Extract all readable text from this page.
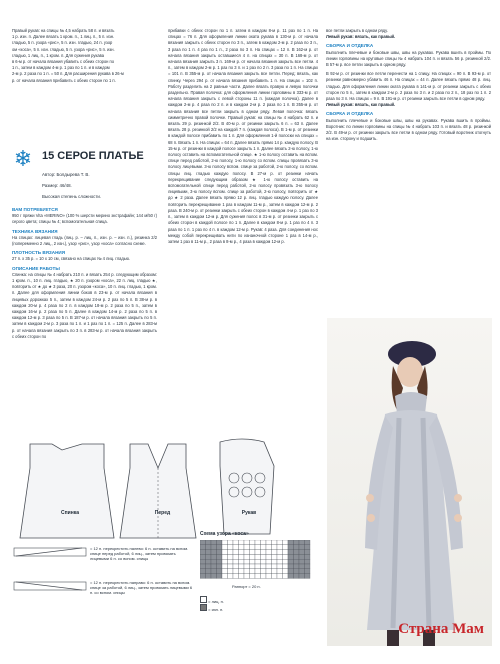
Правый рукав: на спицы № 4,5 набрать 58 п. и вязать

1 р. изн. п. Далее вязать 1 кром. п., 1 лиц. п., 5 п. изн.

гладью, 5 п. узора «рис», 5 п. изн. гладью, 24 п. узор

ом «коса», 5 п. изн. гладью, 5 п. узора «рис», 5 п. изн.

гладью, 1 лиц. п., 1 кром. п. Для сужения рукава

в 6-м р. от начала вязания убавить с обеих сторон по

1 п., затем в каждом 4-м р. 1 раз по 1 п. и в каждом

2-м р. 2 раза по 1 п. = 50 п. Для расширения рукава в 26-м

р. от начала вязания прибавить с обеих сторон по 1 п.

❄ 15 СЕРОЕ ПЛАТЬЕ

Автор: Болдырева Т. В.

Размер: 46/48.

Высокая степень сложности.

ВАМ ПОТРЕБУЕТСЯ

950 г пряжи Vita «MERINO» (100 % шерсти мерино экстрафайн; 144 м/50 г) серого цвета; спицы № 4; вспомогательная спица.

ТЕХНИКА ВЯЗАНИЯ

На спицах: лицевая гладь (лиц. р. – лиц. п., изн. р. – изн. п.), резинка 2/2 (попеременно 2 лиц., 2 изн.), узор «рис», узор «коса» согласно схеме.

ПЛОТНОСТЬ ВЯЗАНИЯ

27 п. x 35 р. = 10 x 10 см, связано на спицах № 4 лиц. гладью.

ОПИСАНИЕ РАБОТЫ

Спинка: на спицы № 4 набрать 210 п. и вязать 254 р. следующим образом: 1 кром. п., 10 п. лиц. гладью, ★ 20 п. узором «коса», 22 п. лиц. гладью ★, повторить от ★ до ★ 3 раза, 20 п. узором «коса», 10 п. лиц. гладью, 1 кром. п. Далее для оформления линии боков в 23-м р. от начала вязания в лицевых дорожках 5 п., затем в каждом 24-м р. 2 раз по 5 п. В 38-м р. в каждом 20-м р. 4 раза по 2 п. в каждом 18-м р. 2 раза по 5 п., затем в каждом 16-м р. 2 раза по 5 п. Далее в каждом 14-м р. 2 раза по 5 п. в каждом 12-м р. 3 раза по 5 п. В 187-м р. от начала вязания закрыть по 5 п. затем в каждом 2-м р. 3 раза по 1 п. и 1 раз по 1 п. = 125 п. Далее в 283-м р. от начала вязания закрыть по 3 п. в 283-м р. от начала вязания закрыть с обеих сторон по

прибавки с обеих сторон по 1 п. затем в каждом 8-м р. 11 раз по 1 п. На спицах = 76 п. Для оформления линии оката рукава в 130-м р. от начала вязания закрыть с обеих сторон по 3 п., затем в каждом 2-м р. 2 раза по 3 п., 3 раза по 1 п. 4 раз по 1 п., 2 раза по 3 п. На спицах = 12 п. В 162-м р. от начала вязания закрыть оставшиеся 4 п. на спицах = 30 п. В 168-м р. от начала вязания закрыть 3 п. 169-м р. от начала вязания закрыть все петли. 4 п., затем в каждом 2-м р. 1 раз по 3 п. и 1 раз по 2 п. 3 раза по 1 п. На спицах = 101 п. В 355-м р. от начала вязания закрыть все петли. Перед: вязать, как спинку. Через 294 р. от начала вязания прибавить 1 п. На спицах = 102 п. Работу разделить на 2 равные части. Далее вязать правую и левую полочки раздельно. Правая полочка: для оформления линии горловины в 333-м р. от начала вязания закрыть с левой стороны 11 п. (каждая полочка). Далее в каждом 2-м р. 4 раза по 2 п. и в каждом 2-м р. 2 раза по 1 п. В 355-м р. от начала вязания все петли закрыть в одном ряду. Левая полочка: вязать симметрично правой полочке. Правый рукав: на спицы № 4 набрать 62 п. и вязать 29 р. резинкой 2/2. В 40-м р. от резинки закрыть 6 п. = 63 п. Далее вязать 28 р. резинкой 2/2 на каждой 7 п. (каждая полоса). В 1-м р. от резинки в каждой полосе прибавить по 1 п. Для оформления 1-й полоски на спицах = 68 п. Вязать 1 п. На спицах = 64 п. Далее вязать прямо 14 р. каждую полосу. В 15-м р. от резинки в каждой полосе закрыть 1 п. Далее вязать 2-ю полосу, 1-ю полосу оставить на вспомогательной спице. ★ 1-ю полосу оставить на вспом. спице перед работой, 2-ю полосу, 1-ю полосу со вспом. спицы провязать 3-ю полосу лицевыми. 3-ю полосу вспом. спице за работой, 2-ю полосу, со вспом. спицы лиц. гладью каждую полосу. В 27-м р. от резинки начать перекрещивание следующим образом ★ 1-ю полосу оставить на вспомогательной спице перед работой, 2-ю полосу провязать 3-ю полосу лицевыми, 3-ю полосу вспом. спице за работой, 2-ю полосу, повторить от ★ до ★ 2 раза. Далее вязать прямо 12 р. лиц. гладью каждую полосу. Далее повторить перекрещивание 1 раз в каждом 11-м р., затем в каждом 12-м р. 2 раза. В 240-м р. от резинки закрыть с обеих сторон в каждом 4-м р. 1 раз по 3 п., затем в каждом 12-м р. Для сужения полос в 31-м р. от резинки закрыть с обеих сторон в каждой полосе по 1 п. Далее в каждом 8-м р. 1 раз по 4 п. 3 раза по 1 п. 1 раз по 4 п. в каждом 12-м р. Рукав: 4 раза. Для соединения нос между собой перекрещивать нити по изнаночной стороне 1 раз в 14-м р., затем 1 раз в 11-м р., 2 раза в 8-м р., 4 раза в каждом 12-м р.

все петли закрыть в одном ряду.

Левый рукав: вязать, как правый.

СБОРКА И ОТДЕЛКА

Выполнить плечевые и боковые швы, швы на рукавах. Рукава вшить в проймы. По линии горловины на круговые спицы № 4 набрать 104 п. и вязать 56 р. резинкой 2/2. В 57-м р. все петли закрыть в одном ряду.

В 92-м р. от резинки все петли перенести на 1 спицу. На спицах = 90 п. В 93-м р. от резинки равномерно убавить 46 п. На спицах = 44 п. Далее вязать прямо 48 р. лиц. гладью. Для оформления линии оката рукава в 141-м р. от резинки закрыть с обеих сторон по 5 п., затем в каждом 2-м р. 2 раза по 3 п. и 2 раза по 2 п., 18 раз по 1 п. 2 раза по 3 п. На спицах = 9 п. В 191-м р. от резинки закрыть все петли в одном ряду.

Левый рукав: вязать, как правый.

СБОРКА И ОТДЕЛКА

Выполнить плечевые и боковые швы, швы на рукавах. Рукава вшить в проймы. Воротник: по линии горловины на спицы № 4 набрать 103 п. и вязать 48 р. резинкой 2/2. В 49-м р. от резинки закрыть все петли в одном ряду. Готовый воротник отогнуть на изн. сторону и подшить.

Страна Мам
Спинка	Перед	Рукав
Схема узора «коса»
Раппорт = 20 п.

= лиц. п.

= изн. п.

= 12 п. перекрестить налево: 6 п. оставить на вспом. спице перед работой, 6 лиц., затем провязать лицевыми 6 п. со вспом. спицы
= 12 п. перекрестить направо: 6 п. оставить на вспом. спице за работой, 6 лиц., затем провязать лицевыми 6 п. со вспом. спицы
